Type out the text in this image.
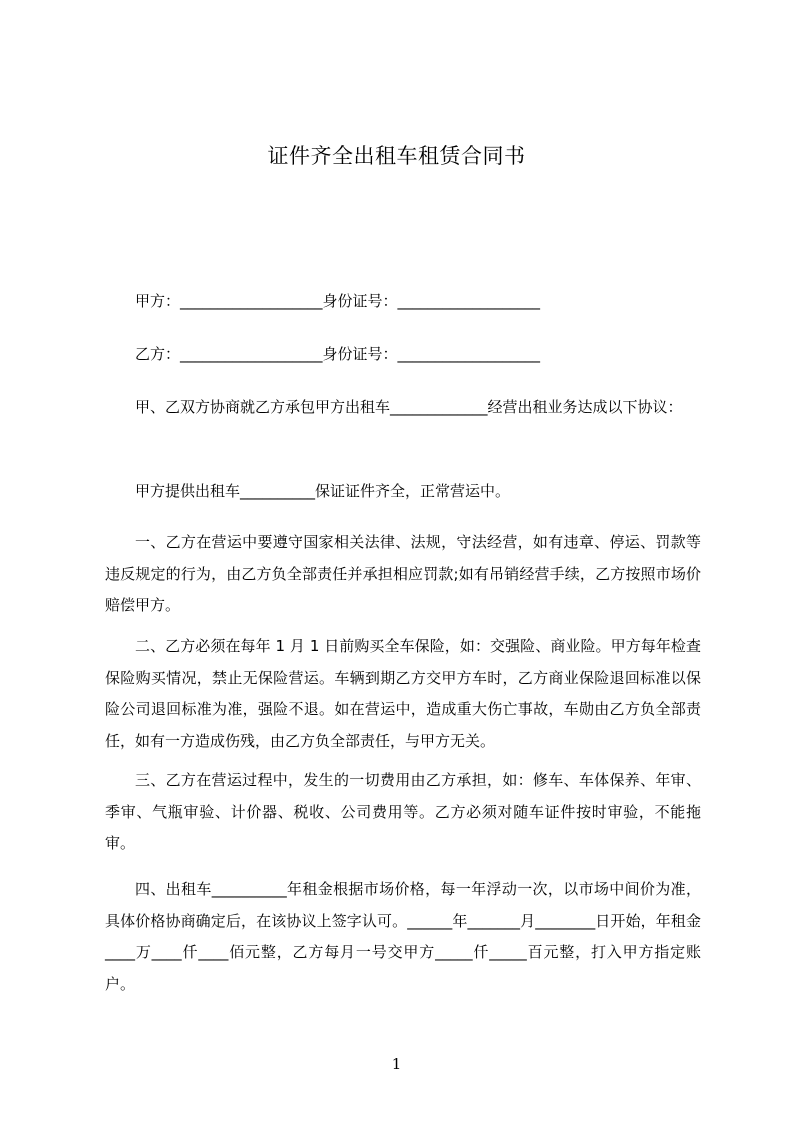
证件齐全出租车租赁合同书

甲方：___________________身份证号：___________________

乙方：___________________身份证号：___________________

甲、乙双方协商就乙方承包甲方出租车_____________经营出租业务达成以下协议：

甲方提供出租车__________保证证件齐全，正常营运中。

一、乙方在营运中要遵守国家相关法律、法规，守法经营，如有违章、停运、罚款等违反规定的行为，由乙方负全部责任并承担相应罚款;如有吊销经营手续，乙方按照市场价赔偿甲方。

二、乙方必须在每年 1 月 1 日前购买全车保险，如：交强险、商业险。甲方每年检查保险购买情况，禁止无保险营运。车辆到期乙方交甲方车时，乙方商业保险退回标准以保险公司退回标准为准，强险不退。如在营运中，造成重大伤亡事故，车勋由乙方负全部责任，如有一方造成伤残，由乙方负全部责任，与甲方无关。

三、乙方在营运过程中，发生的一切费用由乙方承担，如：修车、车体保养、年审、季审、气瓶审验、计价器、税收、公司费用等。乙方必须对随车证件按时审验，不能拖审。

四、出租车__________年租金根据市场价格，每一年浮动一次，以市场中间价为准，具体价格协商确定后，在该协议上签字认可。______年_______月________日开始，年租金____万____仟____佰元整，乙方每月一号交甲方_____仟_____百元整，打入甲方指定账户。

1
